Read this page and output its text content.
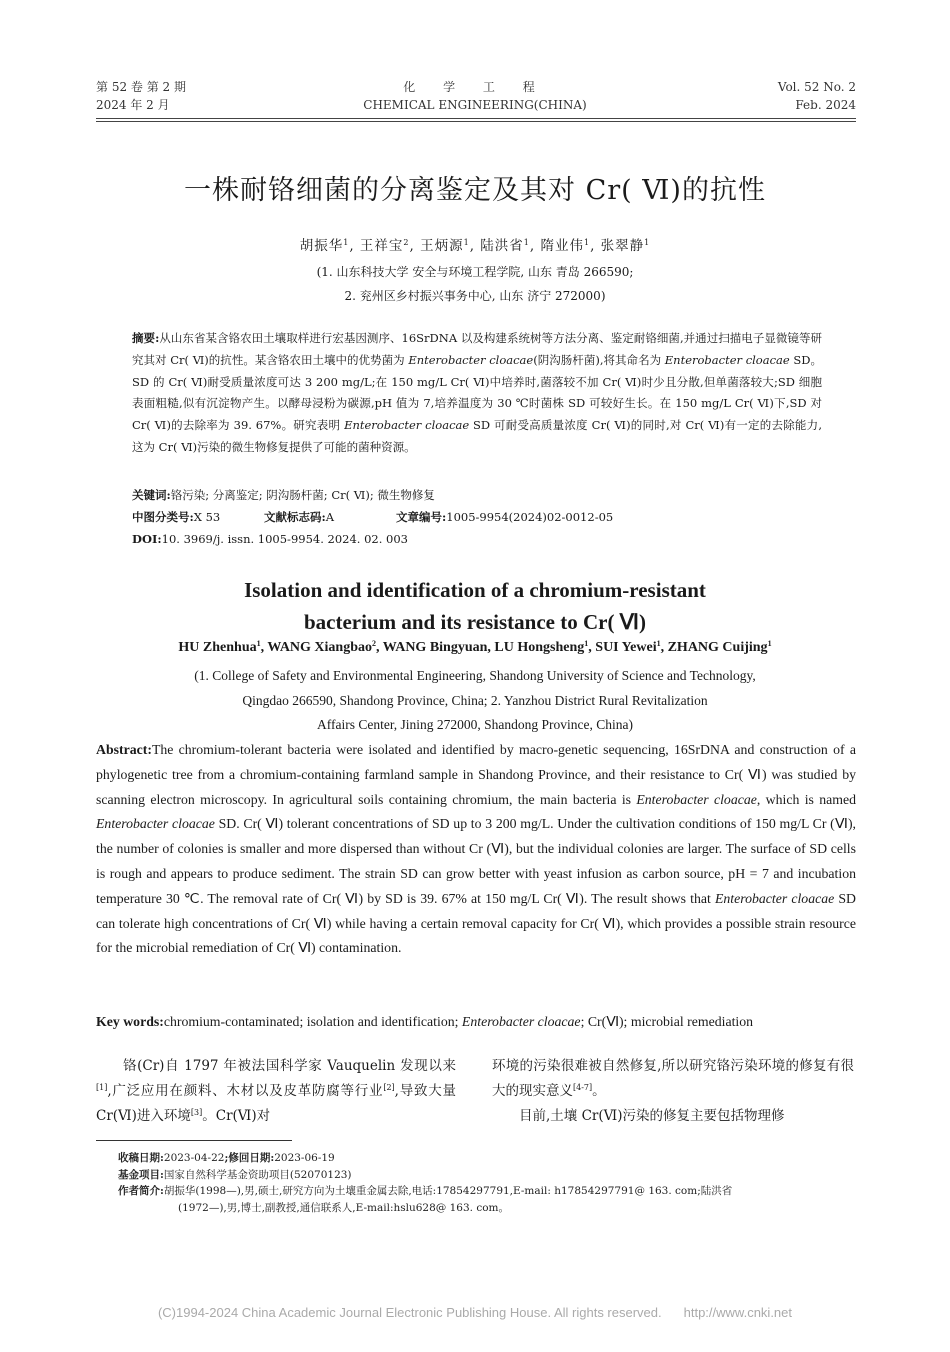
第 52 卷 第 2 期
2024 年 2 月
化 学 工 程
CHEMICAL ENGINEERING(CHINA)
Vol. 52 No. 2
Feb. 2024
一株耐铬细菌的分离鉴定及其对 Cr( Ⅵ)的抗性
胡振华$^1$, 王祥宝$^2$, 王炳源$^1$, 陆洪省$^1$, 隋业伟$^1$, 张翠静$^1$
(1. 山东科技大学 安全与环境工程学院, 山东 青岛 266590;
2. 兖州区乡村振兴事务中心, 山东 济宁 272000)
摘要:从山东省某含铬农田土壤取样进行宏基因测序、16SrDNA 以及构建系统树等方法分离、鉴定耐铬细菌,并通过扫描电子显微镜等研究其对 Cr( Ⅵ)的抗性。某含铬农田土壤中的优势菌为 Enterobacter cloacae(阴沟肠杆菌),将其命名为 Enterobacter cloacae SD。SD 的 Cr( Ⅵ)耐受质量浓度可达 3 200 mg/L;在 150 mg/L Cr( Ⅵ)中培养时,菌落较不加 Cr( Ⅵ)时少且分散,但单菌落较大;SD 细胞表面粗糙,似有沉淀物产生。以酵母浸粉为碳源,pH 值为 7,培养温度为 30 ℃时菌株 SD 可较好生长。在 150 mg/L Cr( Ⅵ)下,SD 对 Cr( Ⅵ)的去除率为 39. 67%。研究表明 Enterobacter cloacae SD 可耐受高质量浓度 Cr( Ⅵ)的同时,对 Cr( Ⅵ)有一定的去除能力,这为 Cr( Ⅵ)污染的微生物修复提供了可能的菌种资源。
关键词:铬污染; 分离鉴定; 阴沟肠杆菌; Cr( Ⅵ); 微生物修复
中图分类号:X 53	文献标志码:A	文章编号:1005-9954(2024)02-0012-05
DOI:10. 3969/j. issn. 1005-9954. 2024. 02. 003
Isolation and identification of a chromium-resistant
bacterium and its resistance to Cr( Ⅵ)
HU Zhenhua$^1$, WANG Xiangbao$^2$, WANG Bingyuan, LU Hongsheng$^1$, SUI Yewei$^1$, ZHANG Cuijing$^1$
(1. College of Safety and Environmental Engineering, Shandong University of Science and Technology,
Qingdao 266590, Shandong Province, China; 2. Yanzhou District Rural Revitalization
Affairs Center, Jining 272000, Shandong Province, China)
Abstract:The chromium-tolerant bacteria were isolated and identified by macro-genetic sequencing, 16SrDNA and construction of a phylogenetic tree from a chromium-containing farmland sample in Shandong Province, and their resistance to Cr( Ⅵ) was studied by scanning electron microscopy. In agricultural soils containing chromium, the main bacteria is Enterobacter cloacae, which is named Enterobacter cloacae SD. Cr( Ⅵ) tolerant concentrations of SD up to 3 200 mg/L. Under the cultivation conditions of 150 mg/L Cr (Ⅵ), the number of colonies is smaller and more dispersed than without Cr (Ⅵ), but the individual colonies are larger. The surface of SD cells is rough and appears to produce sediment. The strain SD can grow better with yeast infusion as carbon source, pH = 7 and incubation temperature 30 ℃. The removal rate of Cr( Ⅵ) by SD is 39. 67% at 150 mg/L Cr( Ⅵ). The result shows that Enterobacter cloacae SD can tolerate high concentrations of Cr( Ⅵ) while having a certain removal capacity for Cr( Ⅵ), which provides a possible strain resource for the microbial remediation of Cr( Ⅵ) contamination.
Key words:chromium-contaminated; isolation and identification; Enterobacter cloacae; Cr(Ⅵ); microbial remediation

铬(Cr)自 1797 年被法国科学家 Vauquelin 发现以来[1],广泛应用在颜料、木材以及皮革防腐等行业[2],导致大量 Cr(Ⅵ)进入环境[3]。Cr(Ⅵ)对

环境的污染很难被自然修复,所以研究铬污染环境的修复有很大的现实意义[4-7]。

目前,土壤 Cr(Ⅵ)污染的修复主要包括物理修

收稿日期:2023-04-22;修回日期:2023-06-19

基金项目:国家自然科学基金资助项目(52070123)

作者简介:胡振华(1998—),男,硕士,研究方向为土壤重金属去除,电话:17854297791,E-mail: h17854297791@ 163. com;陆洪省

(1972—),男,博士,副教授,通信联系人,E-mail:hslu628@ 163. com。

(C)1994-2024 China Academic Journal Electronic Publishing House. All rights reserved. http://www.cnki.net
